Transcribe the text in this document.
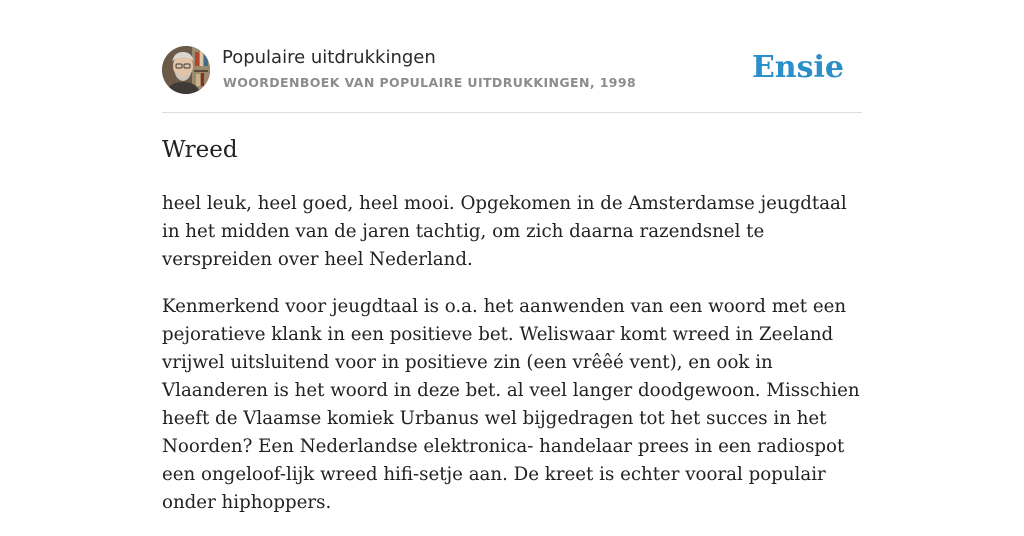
Populaire uitdrukkingen
WOORDENBOEK VAN POPULAIRE UITDRUKKINGEN, 1998	Ensie
Wreed

heel leuk, heel goed, heel mooi. Opgekomen in de Amsterdamse jeugdtaal in het midden van de jaren tachtig, om zich daarna razendsnel te verspreiden over heel Nederland.

Kenmerkend voor jeugdtaal is o.a. het aanwenden van een woord met een pejoratieve klank in een positieve bet. Weliswaar komt wreed in Zeeland vrijwel uitsluitend voor in positieve zin (een vrêêé vent), en ook in Vlaanderen is het woord in deze bet. al veel langer doodgewoon. Misschien heeft de Vlaamse komiek Urbanus wel bijgedragen tot het succes in het Noorden? Een Nederlandse elektronica- handelaar prees in een radiospot een ongeloof-lijk wreed hifi-setje aan. De kreet is echter vooral populair onder hiphoppers.
